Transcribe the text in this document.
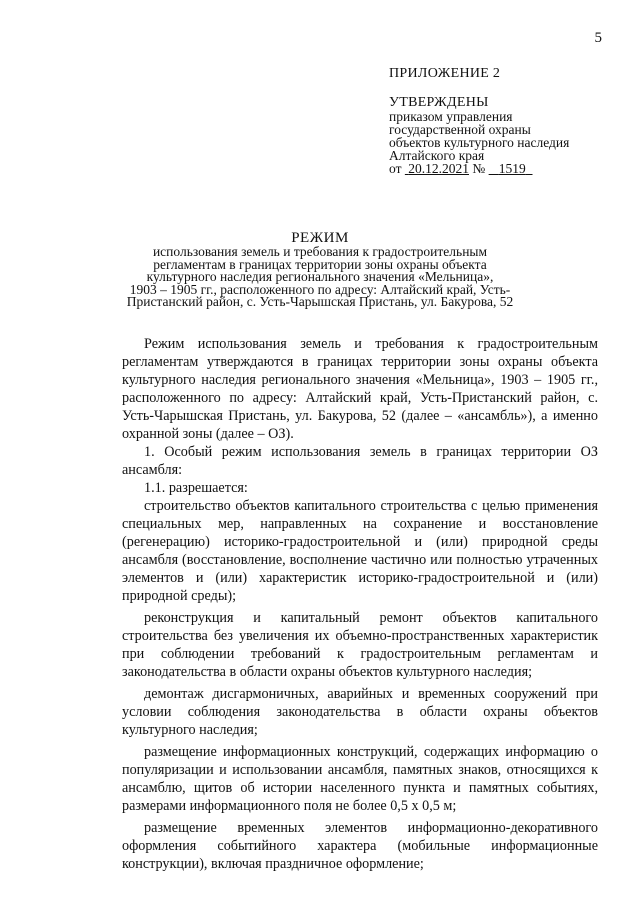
5
ПРИЛОЖЕНИЕ 2
УТВЕРЖДЕНЫ
приказом управления
государственной охраны
объектов культурного наследия
Алтайского края
от 20.12.2021 № 1519
РЕЖИМ
использования земель и требования к градостроительным
регламентам в границах территории зоны охраны объекта
культурного наследия регионального значения «Мельница»,
1903 – 1905 гг., расположенного по адресу: Алтайский край, Усть-
Пристанский район, с. Усть-Чарышская Пристань, ул. Бакурова, 52

Режим использования земель и требования к градостроительным регламентам утверждаются в границах территории зоны охраны объекта культурного наследия регионального значения «Мельница», 1903 – 1905 гг., расположенного по адресу: Алтайский край, Усть-Пристанский район, с. Усть-Чарышская Пристань, ул. Бакурова, 52 (далее – «ансамбль»), а именно охранной зоны (далее – ОЗ).

1. Особый режим использования земель в границах территории ОЗ ансамбля:

1.1. разрешается:

строительство объектов капитального строительства с целью применения специальных мер, направленных на сохранение и восстановление (регенерацию) историко-градостроительной и (или) природной среды ансамбля (восстановление, восполнение частично или полностью утраченных элементов и (или) характеристик историко-градостроительной и (или) природной среды);

реконструкция и капитальный ремонт объектов капитального строительства без увеличения их объемно-пространственных характеристик при соблюдении требований к градостроительным регламентам и законодательства в области охраны объектов культурного наследия;

демонтаж дисгармоничных, аварийных и временных сооружений при условии соблюдения законодательства в области охраны объектов культурного наследия;

размещение информационных конструкций, содержащих информацию о популяризации и использовании ансамбля, памятных знаков, относящихся к ансамблю, щитов об истории населенного пункта и памятных событиях, размерами информационного поля не более 0,5 х 0,5 м;

размещение временных элементов информационно-декоративного оформления событийного характера (мобильные информационные конструкции), включая праздничное оформление;
